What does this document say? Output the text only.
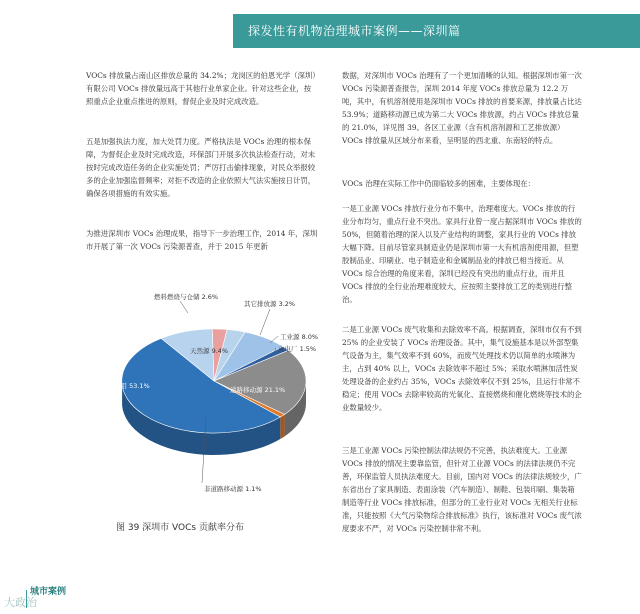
探发性有机物治理城市案例——深圳篇

VOCs 排放量占南山区排放总量的 34.2%；龙岗区的伯恩光学（深圳）有限公司 VOCs 排放量远高于其他行业单家企业。针对这些企业，按照重点企业重点推进的原则，督促企业及时完成改造。

五是加强执法力度，加大处罚力度。严格执法是 VOCs 治理的根本保障，为督促企业及时完成改造，环保部门开展多次执法检查行动，对未按时完成改造任务的企业实施处罚；严厉打击偷排现象，对民众举报较多的企业加强监督频率；对拒不改造的企业依照大气法实施按日计罚，确保各项措施的有效实施。

为推进深圳市 VOCs 治理成果，指导下一步治理工作，2014 年，深圳市开展了第一次 VOCs 污染源普查，并于 2015 年更新

数据，对深圳市 VOCs 治理有了一个更加清晰的认知。根据深圳市第一次 VOCs 污染源普查报告，深圳 2014 年度 VOCs 排放总量为 12.2 万吨，其中，有机溶剂使用是深圳市 VOCs 排放的首要来源，排放量占比达 53.9%；道路移动源已成为第二大 VOCs 排放源，约占 VOCs 排放总量的 21.0%，详见图 39。各区工业源（含有机溶剂源和工艺排放源）VOCs 排放量从区域分布来看，呈明显的西北重、东南轻的特点。

VOCs 治理在实际工作中仍面临较多的困难，主要体现在：

一是工业源 VOCs 排放行业分布不集中，治理难度大。VOCs 排放的行业分布均匀，重点行业不突出。家具行业曾一度占据深圳市 VOCs 排放的 50%，但随着治理的深入以及产业结构的调整，家具行业的 VOCs 排放大幅下降。目前尽管家具制造业仍是深圳市第一大有机溶剂使用源，但塑胶制品业、印刷业、电子制造业和金属制品业的排放已相当接近。从 VOCs 综合治理的角度来看，深圳已经没有突出的重点行业，而并且 VOCs 排放的全行业治理难度较大，应按照主要排放工艺的类别进行整治。

二是工业源 VOCs 废气收集和去除效率不高。根据调查，深圳市仅有不到 25% 的企业安装了 VOCs 治理设备。其中，集气设施基本是以外部型集气设备为主，集气效率不到 60%，而废气处理技术仍以简单的水喷淋为主，占到 40% 以上，VOCs 去除效率不超过 5%；采取水喷淋加活性炭处理设备的企业约占 35%，VOCs 去除效率仅不到 25%，且运行非常不稳定；使用 VOCs 去除率较高的光氧化、直接燃烧和催化燃烧等技术的企业数量较少。

三是工业源 VOCs 污染控制法律法规仍不完善，执法难度大。工业源 VOCs 排放的情况主要靠监管，但针对工业源 VOCs 的法律法规仍不完善，环保监管人员执法难度大。目前，国内对 VOCs 的法律法规较少，广东省出台了家具制造、表面涂装（汽车制造）、制鞋、包装印刷、集装箱制造等行业 VOCs 排放标准，但部分的工业行业对 VOCs 无相关行业标准，只能按照《大气污染物综合排放标准》执行，该标准对 VOCs 废气浓度要求不严，对 VOCs 污染控制非常不利。

燃料燃烧与仓储 2.6%
其它排放源 3.2%
工业源 8.0%
火电厂 1.5%
道路移动源 21.1%
非道路移动源 1.1%
有机溶剂使用 53.1%
天然源 9.4%
图 39 深圳市 VOCs 贡献率分布
城市案例
大政治
